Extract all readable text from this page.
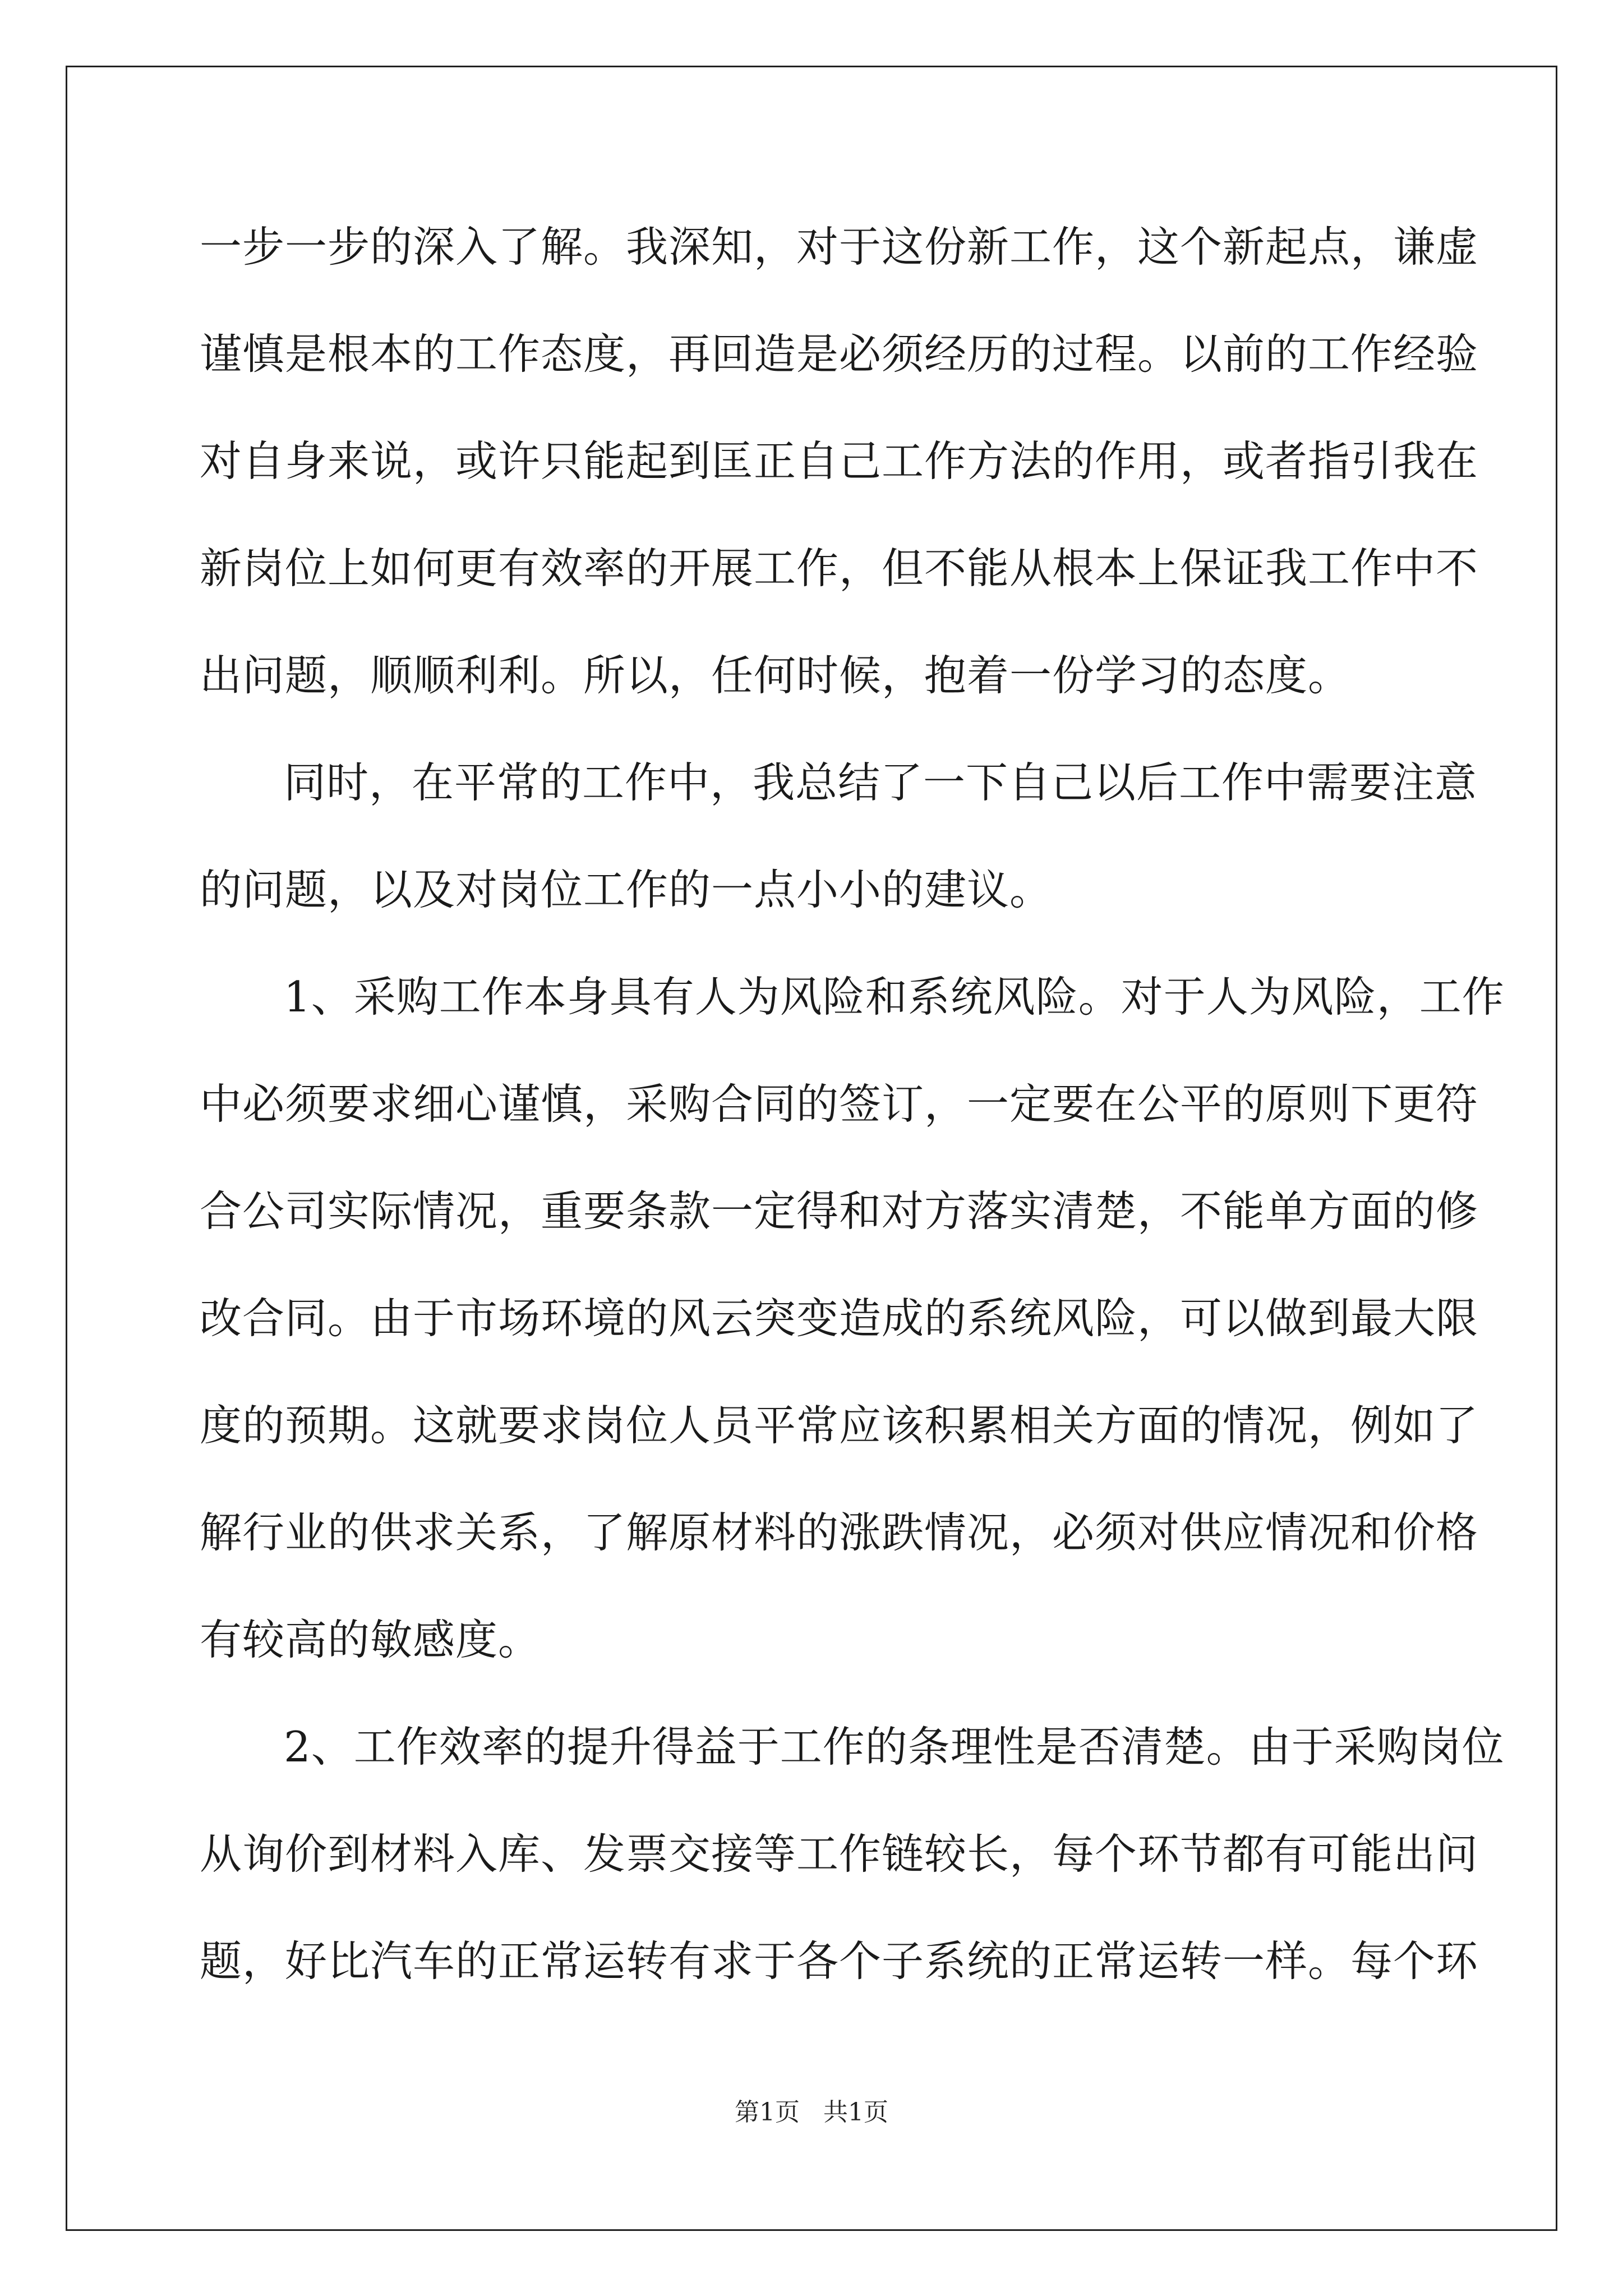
一步一步的深入了解。我深知，对于这份新工作，这个新起点，谦虚
谨慎是根本的工作态度，再回造是必须经历的过程。以前的工作经验
对自身来说，或许只能起到匡正自己工作方法的作用，或者指引我在
新岗位上如何更有效率的开展工作，但不能从根本上保证我工作中不
出问题，顺顺利利。所以，任何时候，抱着一份学习的态度。
同时，在平常的工作中，我总结了一下自己以后工作中需要注意
的问题，以及对岗位工作的一点小小的建议。
1、采购工作本身具有人为风险和系统风险。对于人为风险，工作
中必须要求细心谨慎，采购合同的签订，一定要在公平的原则下更符
合公司实际情况，重要条款一定得和对方落实清楚，不能单方面的修
改合同。由于市场环境的风云突变造成的系统风险，可以做到最大限
度的预期。这就要求岗位人员平常应该积累相关方面的情况，例如了
解行业的供求关系，了解原材料的涨跌情况，必须对供应情况和价格
有较高的敏感度。
2、工作效率的提升得益于工作的条理性是否清楚。由于采购岗位
从询价到材料入库、发票交接等工作链较长，每个环节都有可能出问
题，好比汽车的正常运转有求于各个子系统的正常运转一样。每个环
第1页   共1页
